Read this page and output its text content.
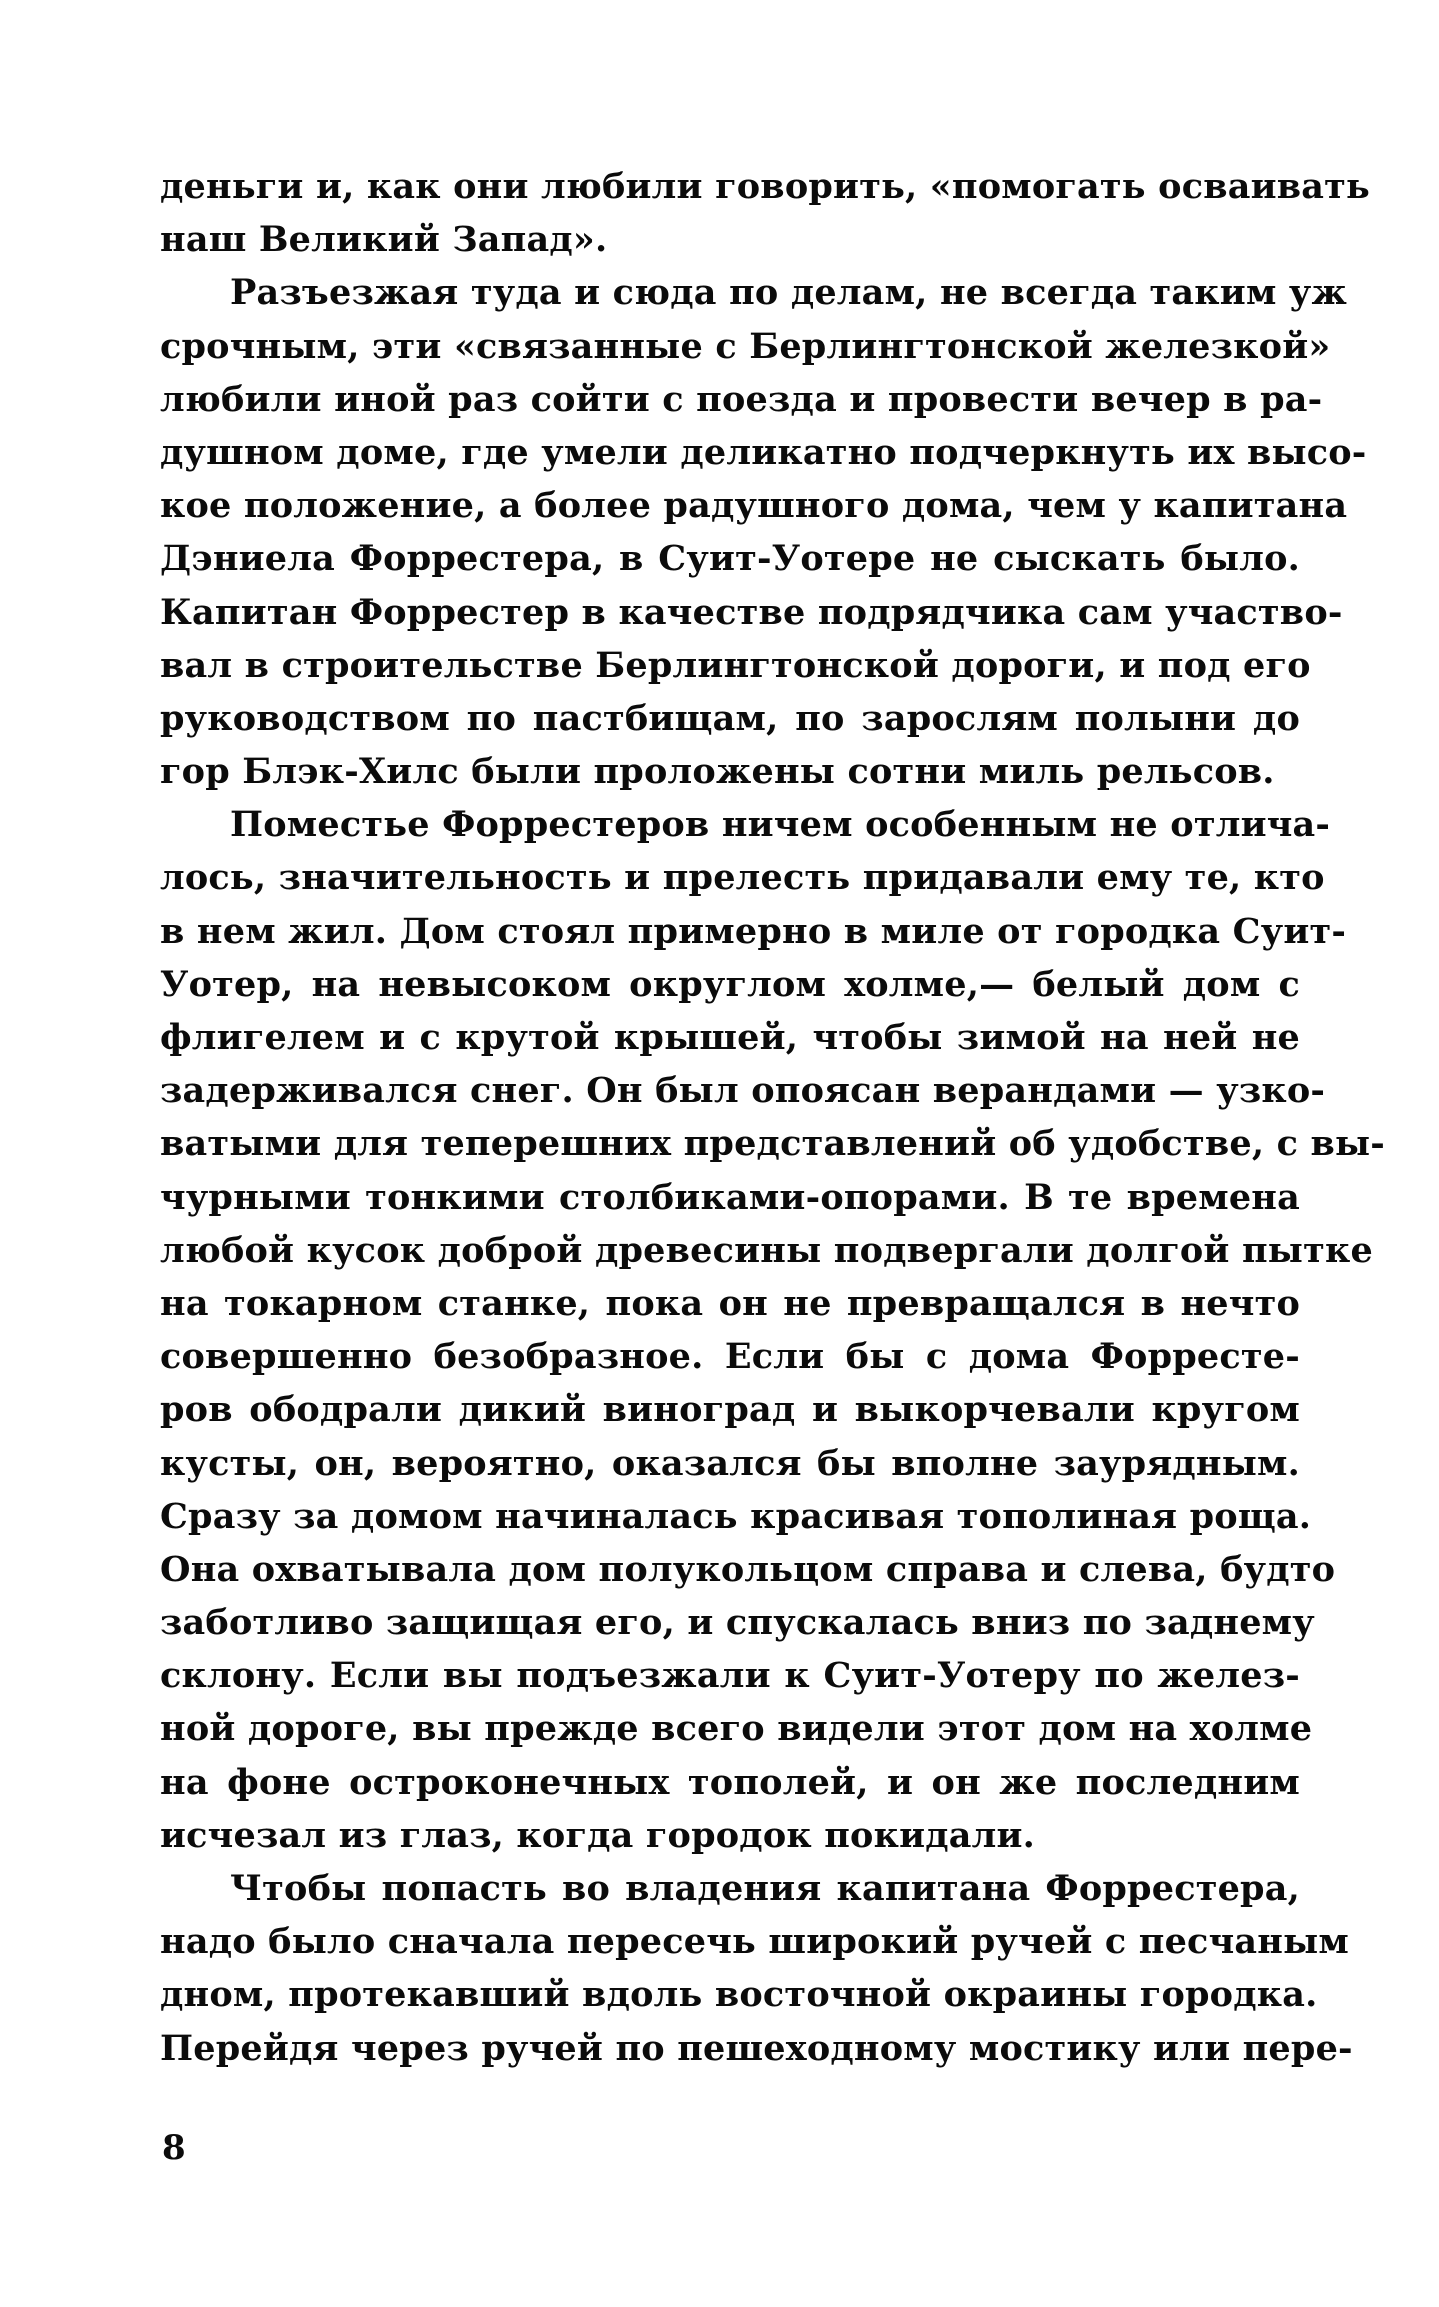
деньги и, как они любили говорить, «помогать осваивать
наш Великий Запад».
Разъезжая туда и сюда по делам, не всегда таким уж
срочным, эти «связанные с Берлингтонской железкой»
любили иной раз сойти с поезда и провести вечер в ра-
душном доме, где умели деликатно подчеркнуть их высо-
кое положение, а более радушного дома, чем у капитана
Дэниела Форрестера, в Суит-Уотере не сыскать было.
Капитан Форрестер в качестве подрядчика сам участво-
вал в строительстве Берлингтонской дороги, и под его
руководством по пастбищам, по зарослям полыни до
гор Блэк-Хилс были проложены сотни миль рельсов.
Поместье Форрестеров ничем особенным не отлича-
лось, значительность и прелесть придавали ему те, кто
в нем жил. Дом стоял примерно в миле от городка Суит-
Уотер, на невысоком округлом холме,— белый дом с
флигелем и с крутой крышей, чтобы зимой на ней не
задерживался снег. Он был опоясан верандами — узко-
ватыми для теперешних представлений об удобстве, с вы-
чурными тонкими столбиками-опорами. В те времена
любой кусок доброй древесины подвергали долгой пытке
на токарном станке, пока он не превращался в нечто
совершенно безобразное. Если бы с дома Форресте-
ров ободрали дикий виноград и выкорчевали кругом
кусты, он, вероятно, оказался бы вполне заурядным.
Сразу за домом начиналась красивая тополиная роща.
Она охватывала дом полукольцом справа и слева, будто
заботливо защищая его, и спускалась вниз по заднему
склону. Если вы подъезжали к Суит-Уотеру по желез-
ной дороге, вы прежде всего видели этот дом на холме
на фоне остроконечных тополей, и он же последним
исчезал из глаз, когда городок покидали.
Чтобы попасть во владения капитана Форрестера,
надо было сначала пересечь широкий ручей с песчаным
дном, протекавший вдоль восточной окраины городка.
Перейдя через ручей по пешеходному мостику или пере-
8
